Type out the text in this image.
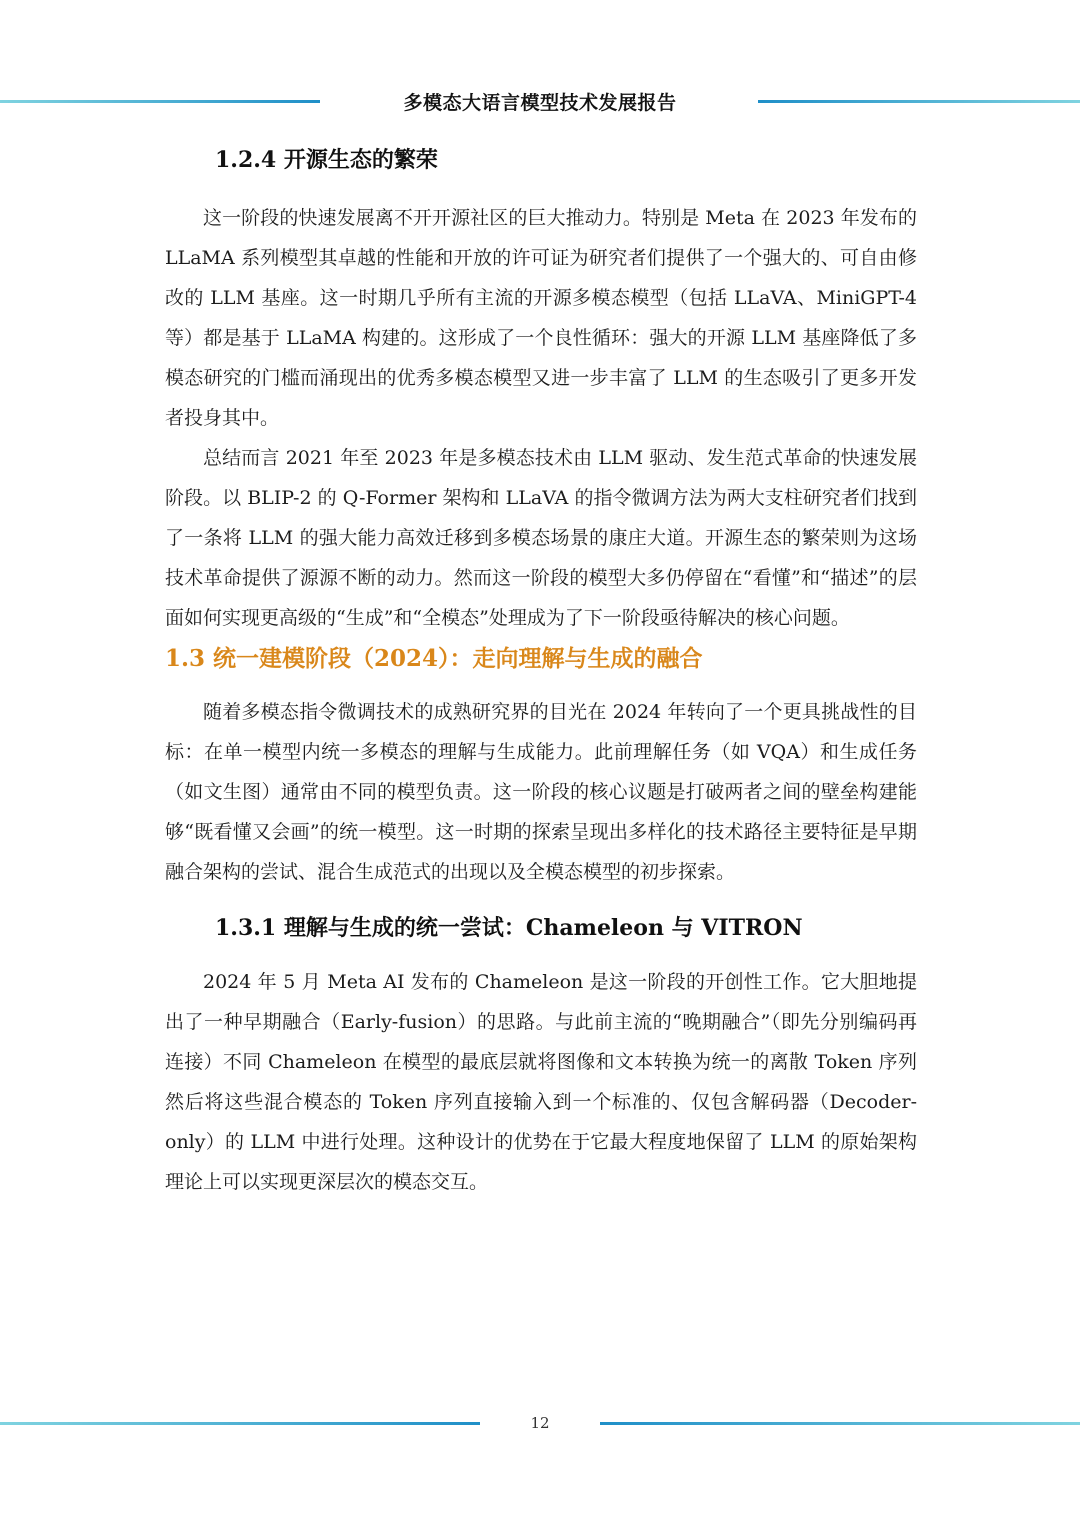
多模态大语言模型技术发展报告
1.2.4 开源生态的繁荣

这一阶段的快速发展离不开开源社区的巨大推动力。特别是 Meta 在 2023 年发布的 LLaMA 系列模型其卓越的性能和开放的许可证为研究者们提供了一个强大的、可自由修改的 LLM 基座。这一时期几乎所有主流的开源多模态模型（包括 LLaVA、MiniGPT-4 等）都是基于 LLaMA 构建的。这形成了一个良性循环：强大的开源 LLM 基座降低了多模态研究的门槛而涌现出的优秀多模态模型又进一步丰富了 LLM 的生态吸引了更多开发者投身其中。

总结而言 2021 年至 2023 年是多模态技术由 LLM 驱动、发生范式革命的快速发展阶段。以 BLIP-2 的 Q-Former 架构和 LLaVA 的指令微调方法为两大支柱研究者们找到了一条将 LLM 的强大能力高效迁移到多模态场景的康庄大道。开源生态的繁荣则为这场技术革命提供了源源不断的动力。然而这一阶段的模型大多仍停留在“看懂”和“描述”的层面如何实现更高级的“生成”和“全模态”处理成为了下一阶段亟待解决的核心问题。

1.3 统一建模阶段（2024）：走向理解与生成的融合

随着多模态指令微调技术的成熟研究界的目光在 2024 年转向了一个更具挑战性的目标：在单一模型内统一多模态的理解与生成能力。此前理解任务（如 VQA）和生成任务（如文生图）通常由不同的模型负责。这一阶段的核心议题是打破两者之间的壁垒构建能够“既看懂又会画”的统一模型。这一时期的探索呈现出多样化的技术路径主要特征是早期融合架构的尝试、混合生成范式的出现以及全模态模型的初步探索。

1.3.1 理解与生成的统一尝试：Chameleon 与 VITRON

2024 年 5 月 Meta AI 发布的 Chameleon 是这一阶段的开创性工作。它大胆地提出了一种早期融合（Early-fusion）的思路。与此前主流的“晚期融合”（即先分别编码再连接）不同 Chameleon 在模型的最底层就将图像和文本转换为统一的离散 Token 序列然后将这些混合模态的 Token 序列直接输入到一个标准的、仅包含解码器（Decoder-only）的 LLM 中进行处理。这种设计的优势在于它最大程度地保留了 LLM 的原始架构理论上可以实现更深层次的模态交互。

12
